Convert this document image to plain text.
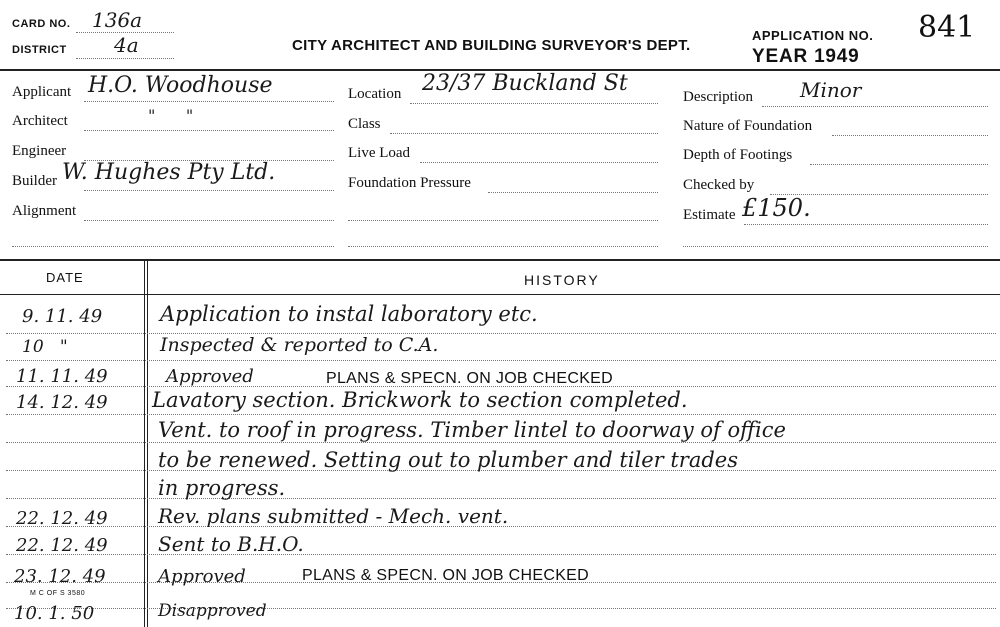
CARD NO. 136a
DISTRICT 4a	CITY ARCHITECT AND BUILDING SURVEYOR'S DEPT.
APPLICATION NO. 841
YEAR 1949
Applicant H.O. Woodhouse
Architect	"      "
Engineer
Builder W. Hughes Pty Ltd.
Alignment
Location 23/37 Buckland St
Class
Live Load
Foundation Pressure
Description Minor
Nature of Foundation
Depth of Footings
Checked by
Estimate £150.
DATE	HISTORY
9. 11. 49	Application to instal laboratory etc.
10   "	Inspected & reported to C.A.
11. 11. 49	Approved	PLANS & SPECN. ON JOB CHECKED
14. 12. 49 Lavatory section. Brickwork to section completed.
Vent. to roof in progress. Timber lintel to doorway of office
to be renewed. Setting out to plumber and tiler trades
in progress.
22. 12. 49	Rev. plans submitted - Mech. vent.
22. 12. 49	Sent to B.H.O.
23. 12. 49	Approved	PLANS & SPECN. ON JOB CHECKED
M C OF S 3580
10. 1. 50	Disapproved
